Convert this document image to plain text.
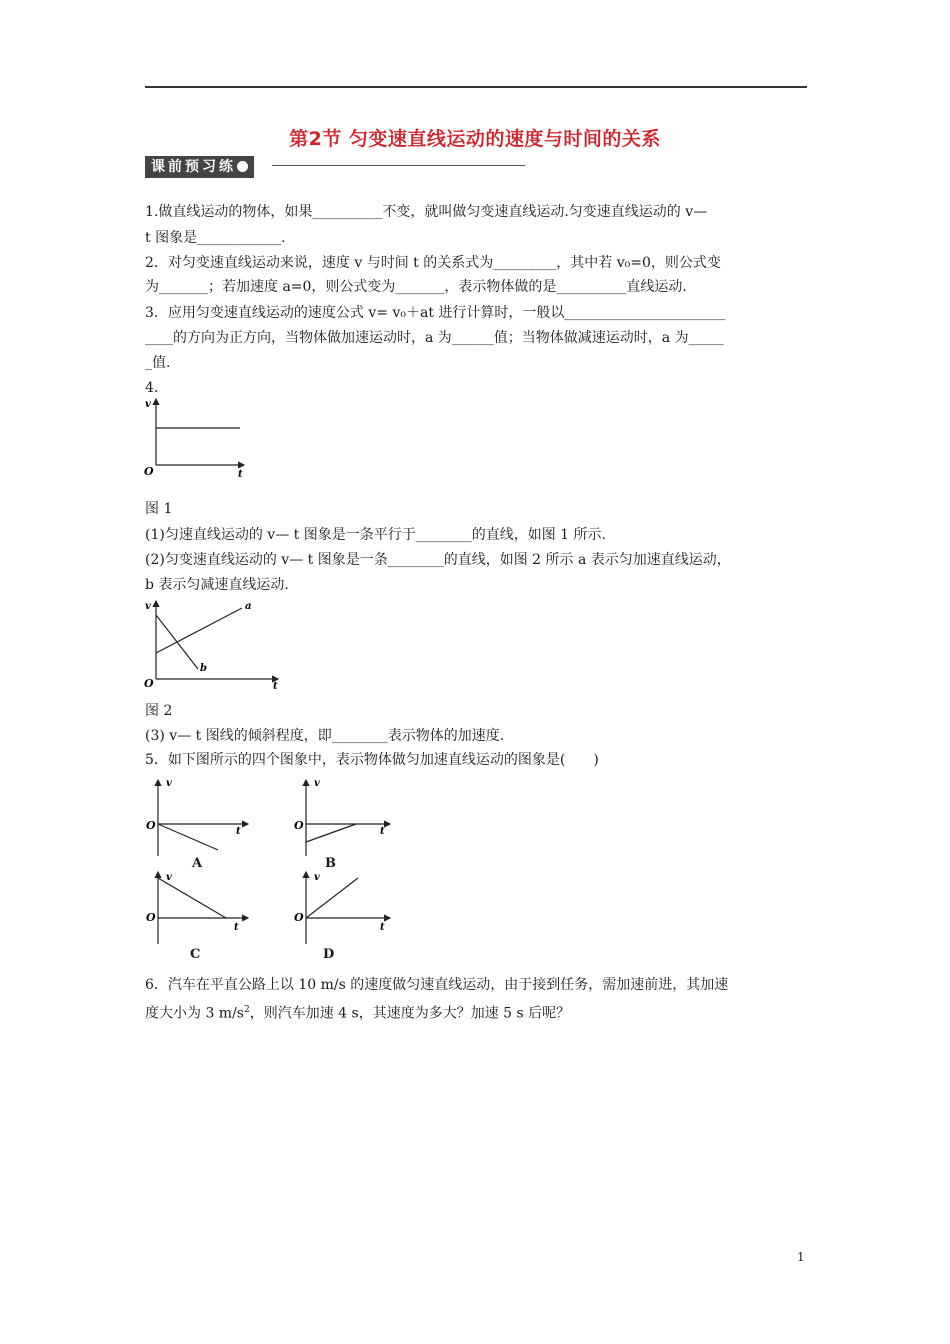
第2节 匀变速直线运动的速度与时间的关系
课前预习练
1.做直线运动的物体，如果__________不变，就叫做匀变速直线运动.匀变速直线运动的 v—
t 图象是____________.
2．对匀变速直线运动来说，速度 v 与时间 t 的关系式为_________，其中若 v₀=0，则公式变
为_______；若加速度 a=0，则公式变为_______，表示物体做的是__________直线运动.
3．应用匀变速直线运动的速度公式 v= v₀＋at 进行计算时，一般以_______________________
____的方向为正方向，当物体做加速运动时，a 为______值；当物体做减速运动时，a 为_____
_值.
4.
v
O	t
图 1
(1)匀速直线运动的 v— t 图象是一条平行于________的直线，如图 1 所示.
(2)匀变速直线运动的 v— t 图象是一条________的直线，如图 2 所示 a 表示匀加速直线运动，
b 表示匀减速直线运动.
v
O	t
a
b
图 2
(3) v— t 图线的倾斜程度，即________表示物体的加速度.
5．如下图所示的四个图象中，表示物体做匀加速直线运动的图象是(　　)
v
O	t
A
v
O	t
B
v
O
t
C
v
O
t
D
6．汽车在平直公路上以 10 m/s 的速度做匀速直线运动，由于接到任务，需加速前进，其加速
度大小为 3 $m/s^2$，则汽车加速 4 s，其速度为多大？加速 5 s 后呢？
1
